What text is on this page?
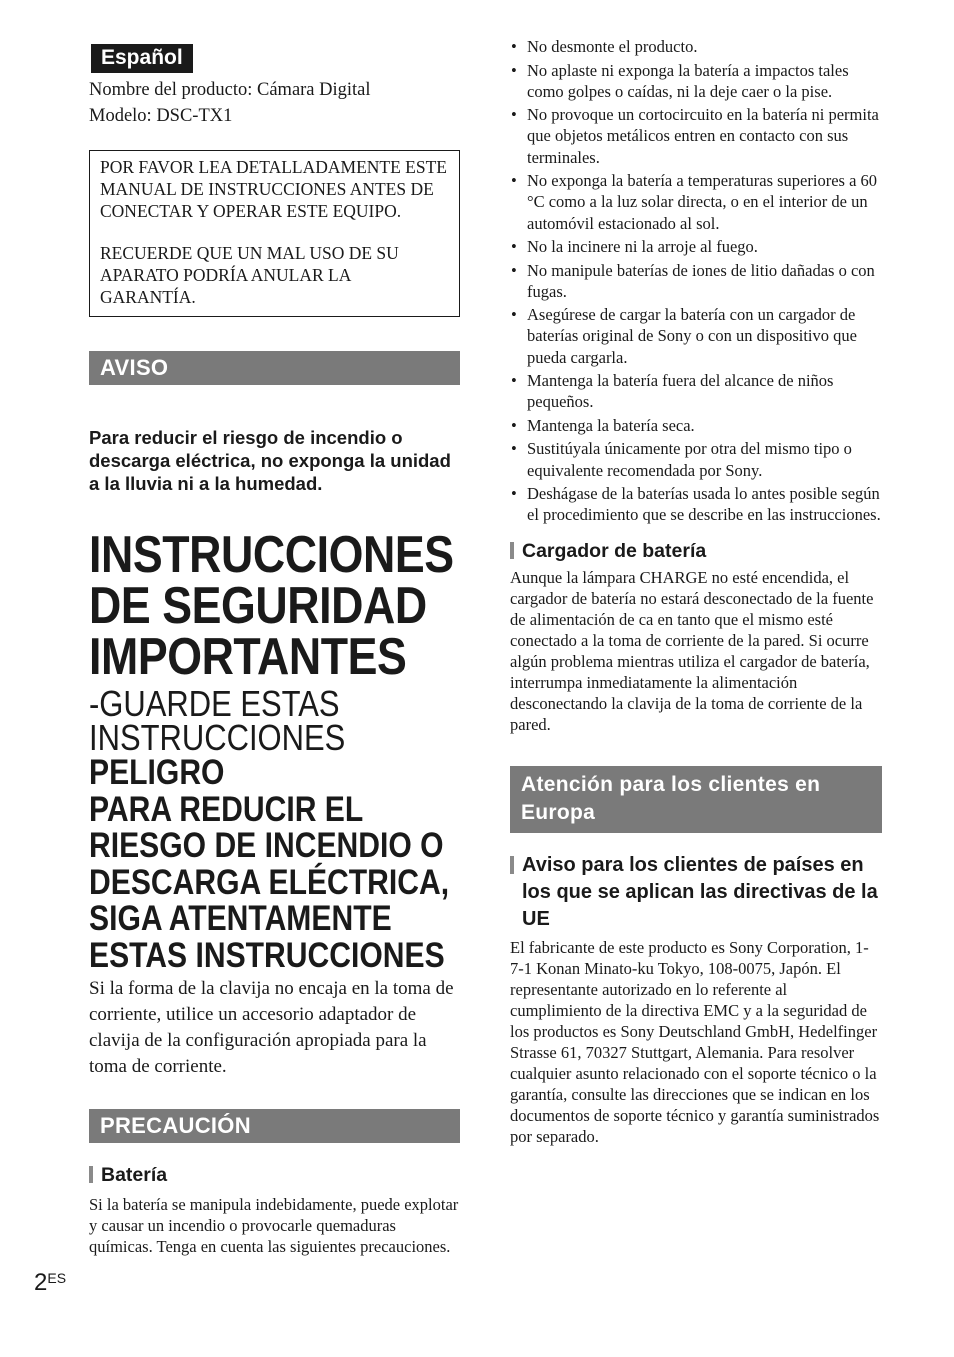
Español
Nombre del producto: Cámara Digital
Modelo: DSC-TX1

POR FAVOR LEA DETALLADAMENTE ESTE MANUAL DE INSTRUCCIONES ANTES DE CONECTAR Y OPERAR ESTE EQUIPO.

RECUERDE QUE UN MAL USO DE SU APARATO PODRÍA ANULAR LA GARANTÍA.

AVISO
Para reducir el riesgo de incendio o descarga eléctrica, no exponga la unidad a la lluvia ni a la humedad.
INSTRUCCIONES DE SEGURIDAD IMPORTANTES
-GUARDE ESTAS INSTRUCCIONES
PELIGRO
PARA REDUCIR EL RIESGO DE INCENDIO O DESCARGA ELÉCTRICA, SIGA ATENTAMENTE ESTAS INSTRUCCIONES
Si la forma de la clavija no encaja en la toma de corriente, utilice un accesorio adaptador de clavija de la configuración apropiada para la toma de corriente.
PRECAUCIÓN
Batería
Si la batería se manipula indebidamente, puede explotar y causar un incendio o provocarle quemaduras químicas. Tenga en cuenta las siguientes precauciones.
• No desmonte el producto.
• No aplaste ni exponga la batería a impactos tales como golpes o caídas, ni la deje caer o la pise.
• No provoque un cortocircuito en la batería ni permita que objetos metálicos entren en contacto con sus terminales.
• No exponga la batería a temperaturas superiores a 60 °C como a la luz solar directa, o en el interior de un automóvil estacionado al sol.
• No la incinere ni la arroje al fuego.
• No manipule baterías de iones de litio dañadas o con fugas.
• Asegúrese de cargar la batería con un cargador de baterías original de Sony o con un dispositivo que pueda cargarla.
• Mantenga la batería fuera del alcance de niños pequeños.
• Mantenga la batería seca.
• Sustitúyala únicamente por otra del mismo tipo o equivalente recomendada por Sony.
• Deshágase de la baterías usada lo antes posible según el procedimiento que se describe en las instrucciones.
Cargador de batería
Aunque la lámpara CHARGE no esté encendida, el cargador de batería no estará desconectado de la fuente de alimentación de ca en tanto que el mismo esté conectado a la toma de corriente de la pared. Si ocurre algún problema mientras utiliza el cargador de batería, interrumpa inmediatamente la alimentación desconectando la clavija de la toma de corriente de la pared.
Atención para los clientes en Europa
Aviso para los clientes de países en los que se aplican las directivas de la UE
El fabricante de este producto es Sony Corporation, 1-7-1 Konan Minato-ku Tokyo, 108-0075, Japón. El representante autorizado en lo referente al cumplimiento de la directiva EMC y a la seguridad de los productos es Sony Deutschland GmbH, Hedelfinger Strasse 61, 70327 Stuttgart, Alemania. Para resolver cualquier asunto relacionado con el soporte técnico o la garantía, consulte las direcciones que se indican en los documentos de soporte técnico y garantía suministrados por separado.
$2^{ES}$
